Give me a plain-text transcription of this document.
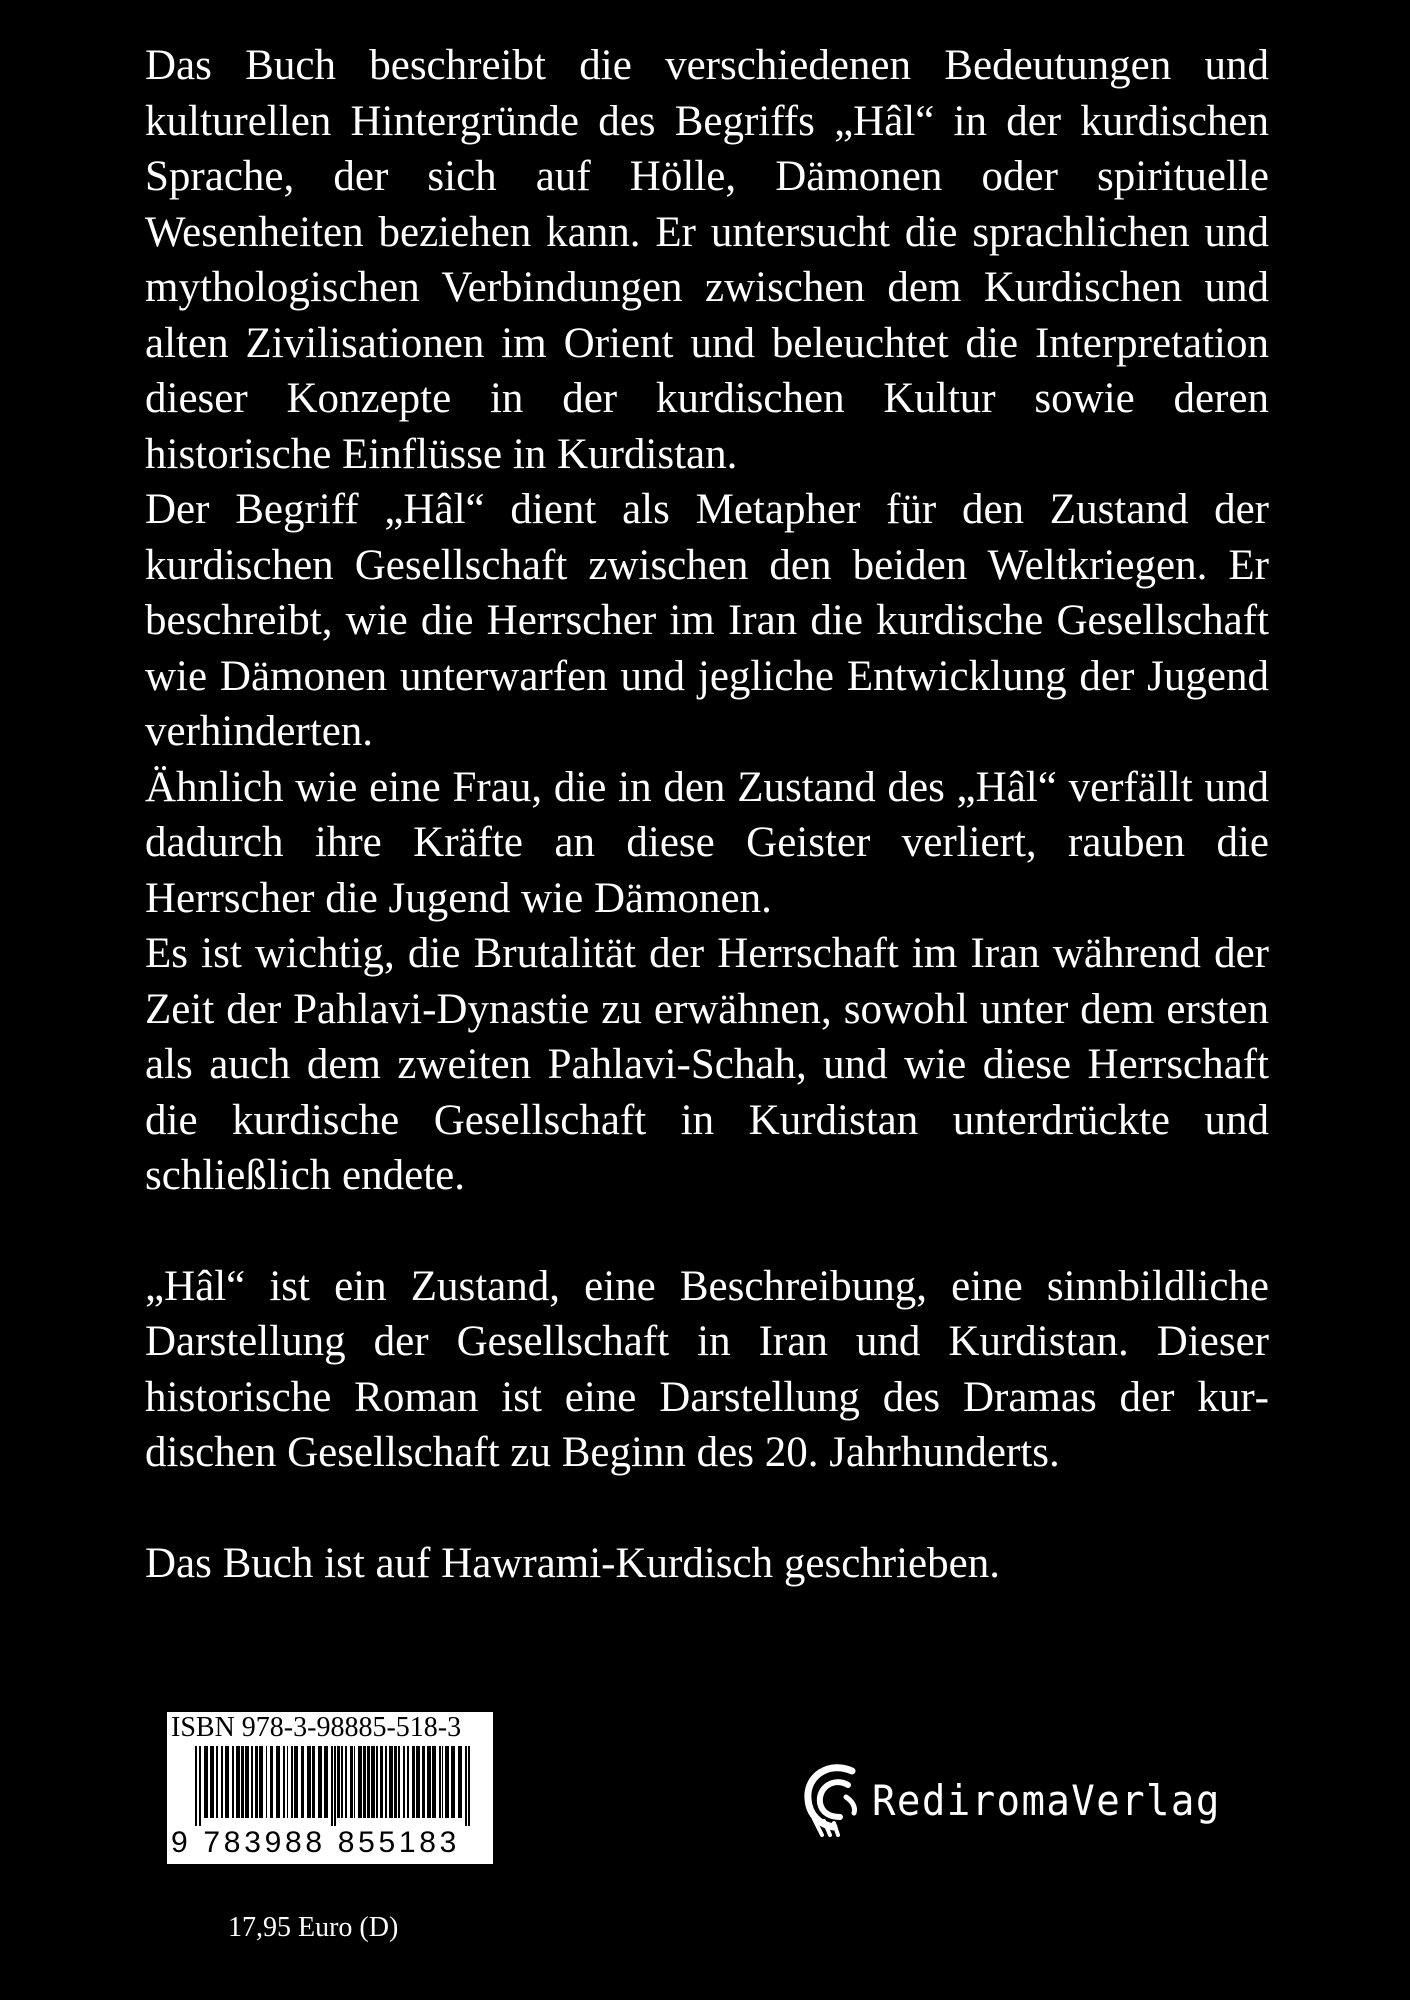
Das Buch beschreibt die verschiedenen Bedeutungen und kulturellen Hintergründe des Begriffs „Hâl“ in der kurdischen Sprache, der sich auf Hölle, Dämonen oder spirituelle Wesenheiten beziehen kann. Er untersucht die sprachlichen und mythologischen Verbindungen zwischen dem Kurdischen und alten Zivilisationen im Orient und beleuchtet die Interpretation dieser Konzepte in der kurdischen Kultur sowie deren historische Einflüsse in Kurdistan.

Der Begriff „Hâl“ dient als Metapher für den Zustand der kurdischen Gesellschaft zwischen den beiden Weltkriegen. Er beschreibt, wie die Herrscher im Iran die kurdische Gesellschaft wie Dämonen unterwarfen und jegliche Entwicklung der Jugend verhinderten.

Ähnlich wie eine Frau, die in den Zustand des „Hâl“ verfällt und dadurch ihre Kräfte an diese Geister verliert, rauben die Herrscher die Jugend wie Dämonen.

Es ist wichtig, die Brutalität der Herrschaft im Iran während der Zeit der Pahlavi-Dynastie zu erwähnen, sowohl unter dem ersten als auch dem zweiten Pahlavi-Schah, und wie diese Herrschaft die kurdische Gesellschaft in Kurdistan unterdrückte und schließlich endete.

„Hâl“ ist ein Zustand, eine Beschreibung, eine sinnbildliche Darstellung der Gesellschaft in Iran und Kurdistan. Dieser historische Roman ist eine Darstellung des Dramas der kurdischen Gesellschaft zu Beginn des 20. Jahrhunderts.

Das Buch ist auf Hawrami-Kurdisch geschrieben.

ISBN 978-3-98885-518-3
9 783988 855183 >
17,95 Euro (D)
RediromaVerlag
